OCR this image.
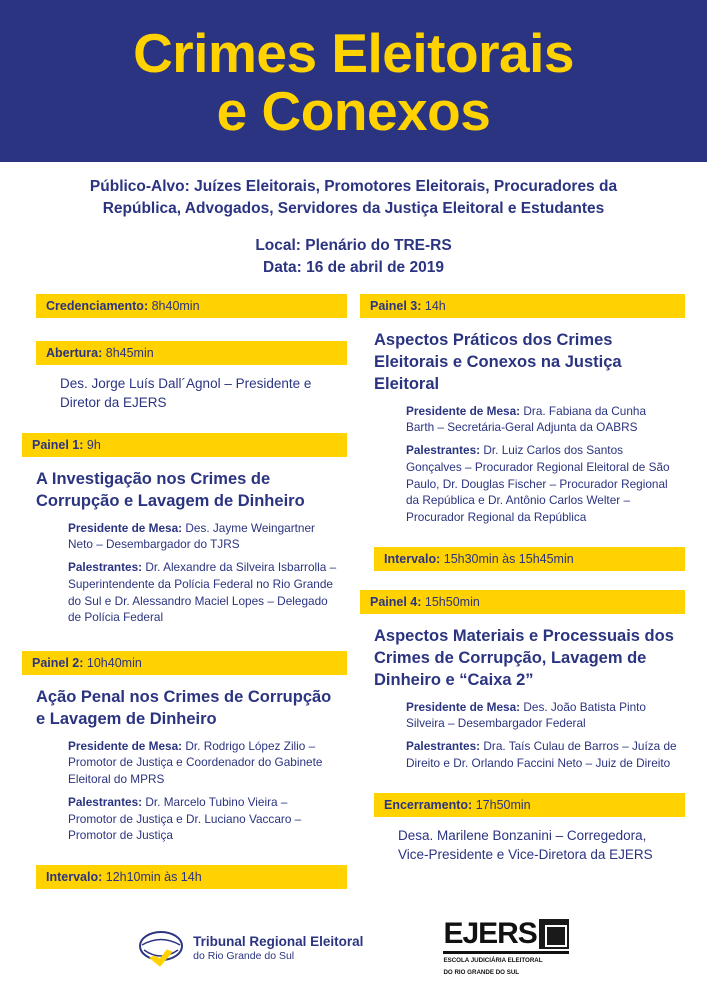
Crimes Eleitorais
e Conexos
Público-Alvo: Juízes Eleitorais, Promotores Eleitorais, Procuradores da
República, Advogados, Servidores da Justiça Eleitoral e Estudantes
Local: Plenário do TRE-RS
Data: 16 de abril de 2019
Credenciamento: 8h40min
Abertura: 8h45min
Des. Jorge Luís Dall´Agnol – Presidente e Diretor da EJERS
Painel 1: 9h
A Investigação nos Crimes de Corrupção e Lavagem de Dinheiro
Presidente de Mesa: Des. Jayme Weingartner Neto – Desembargador do TJRS
Palestrantes: Dr. Alexandre da Silveira Isbarrolla – Superintendente da Polícia Federal no Rio Grande do Sul e Dr. Alessandro Maciel Lopes – Delegado de Polícia Federal
Painel 2: 10h40min
Ação Penal nos Crimes de Corrupção e Lavagem de Dinheiro
Presidente de Mesa: Dr. Rodrigo López Zilio – Promotor de Justiça e Coordenador do Gabinete Eleitoral do MPRS
Palestrantes: Dr. Marcelo Tubino Vieira – Promotor de Justiça e Dr. Luciano Vaccaro – Promotor de Justiça
Intervalo: 12h10min às 14h
Painel 3: 14h
Aspectos Práticos dos Crimes Eleitorais e Conexos na Justiça Eleitoral
Presidente de Mesa: Dra. Fabiana da Cunha Barth – Secretária-Geral Adjunta da OABRS
Palestrantes: Dr. Luiz Carlos dos Santos Gonçalves – Procurador Regional Eleitoral de São Paulo, Dr. Douglas Fischer – Procurador Regional da República e Dr. Antônio Carlos Welter – Procurador Regional da República
Intervalo: 15h30min às 15h45min
Painel 4: 15h50min
Aspectos Materiais e Processuais dos Crimes de Corrupção, Lavagem de Dinheiro e “Caixa 2”
Presidente de Mesa: Des. João Batista Pinto Silveira – Desembargador Federal
Palestrantes: Dra. Taís Culau de Barros – Juíza de Direito e Dr. Orlando Faccini Neto – Juiz de Direito
Encerramento: 17h50min
Desa. Marilene Bonzanini – Corregedora, Vice-Presidente e Vice-Diretora da EJERS
Tribunal Regional Eleitoral
do Rio Grande do Sul
EJERS
ESCOLA JUDICIÁRIA ELEITORAL
DO RIO GRANDE DO SUL
